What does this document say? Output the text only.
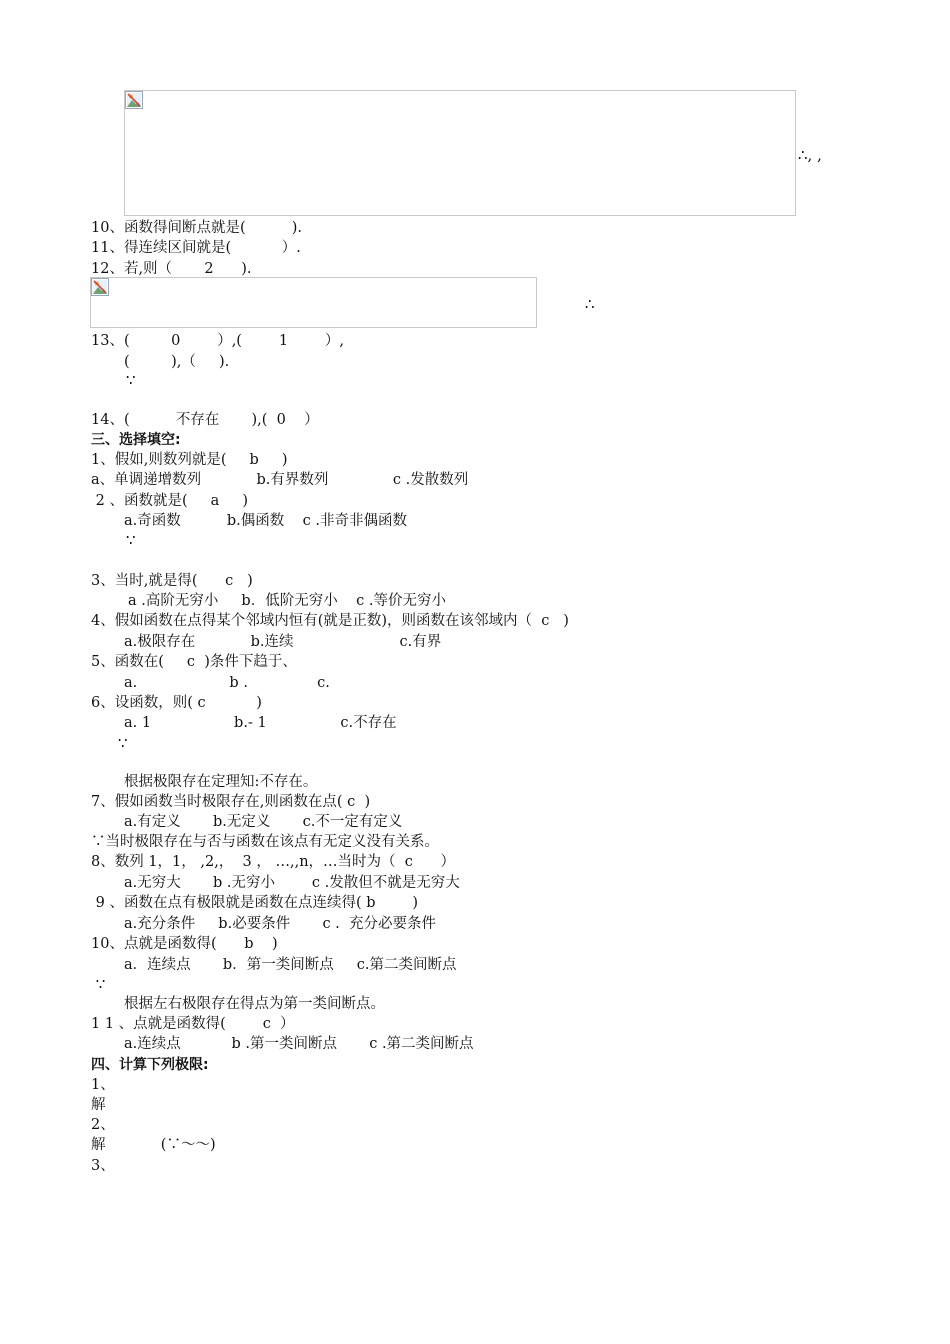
∴, ,
10、函数得间断点就是(          ).
11、得连续区间就是(           ）.
12、若,则（       2      ).
∴
13、(         0        ）,(        1        ）,
(         ),（     ).
∵
14、(          不存在       ),(  0    ）
三、选择填空:
1、假如,则数列就是(     b     )
a、单调递增数列            b.有界数列              c .发散数列
2 、函数就是(     a     )
a.奇函数          b.偶函数    c .非奇非偶函数
∵
3、当时,就是得(      c   )
a .高阶无穷小     b．低阶无穷小    c .等价无穷小
4、假如函数在点得某个邻域内恒有(就是正数)，则函数在该邻域内（  c   )
a.极限存在            b.连续                       c.有界
5、函数在(     c  )条件下趋于、
a.                    b .               c.
6、设函数，则( c           )
a. 1                  b.- 1                c.不存在
∵
根据极限存在定理知:不存在。
7、假如函数当时极限存在,则函数在点( c  )
a.有定义       b.无定义       c.不一定有定义
∵当时极限存在与否与函数在该点有无定义没有关系。
8、数列 1，1， ,2,，  3 ， …,,n，…当时为（  c      ）
a.无穷大       b .无穷小        c .发散但不就是无穷大
9 、函数在点有极限就是函数在点连续得( b        )
a.充分条件     b.必要条件       c .  充分必要条件
10、点就是函数得(      b    )
a．连续点       b．第一类间断点     c.第二类间断点
∵
根据左右极限存在得点为第一类间断点。
1 1 、点就是函数得(        c  ）
a.连续点           b .第一类间断点       c .第二类间断点
四、计算下列极限:
1、
解
2、
解            (∵～～)
3、
